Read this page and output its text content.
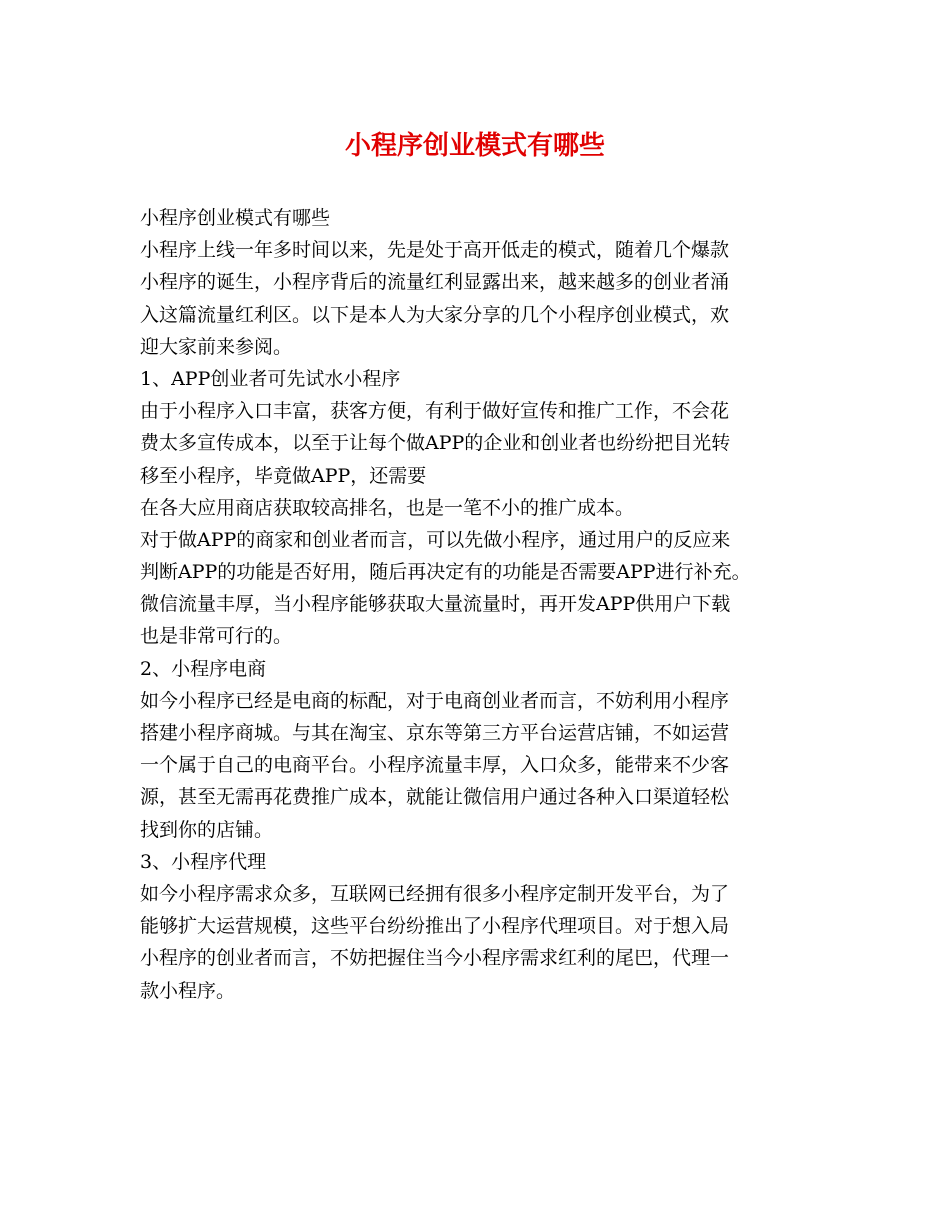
小程序创业模式有哪些
小程序创业模式有哪些
小程序上线一年多时间以来，先是处于高开低走的模式，随着几个爆款
小程序的诞生，小程序背后的流量红利显露出来，越来越多的创业者涌
入这篇流量红利区。以下是本人为大家分享的几个小程序创业模式，欢
迎大家前来参阅。
1、APP创业者可先试水小程序
由于小程序入口丰富，获客方便，有利于做好宣传和推广工作，不会花
费太多宣传成本，以至于让每个做APP的企业和创业者也纷纷把目光转
移至小程序，毕竟做APP，还需要
在各大应用商店获取较高排名，也是一笔不小的推广成本。
对于做APP的商家和创业者而言，可以先做小程序，通过用户的反应来
判断APP的功能是否好用，随后再决定有的功能是否需要APP进行补充。
微信流量丰厚，当小程序能够获取大量流量时，再开发APP供用户下载
也是非常可行的。
2、小程序电商
如今小程序已经是电商的标配，对于电商创业者而言，不妨利用小程序
搭建小程序商城。与其在淘宝、京东等第三方平台运营店铺，不如运营
一个属于自己的电商平台。小程序流量丰厚，入口众多，能带来不少客
源，甚至无需再花费推广成本，就能让微信用户通过各种入口渠道轻松
找到你的店铺。
3、小程序代理
如今小程序需求众多，互联网已经拥有很多小程序定制开发平台，为了
能够扩大运营规模，这些平台纷纷推出了小程序代理项目。对于想入局
小程序的创业者而言，不妨把握住当今小程序需求红利的尾巴，代理一
款小程序。
